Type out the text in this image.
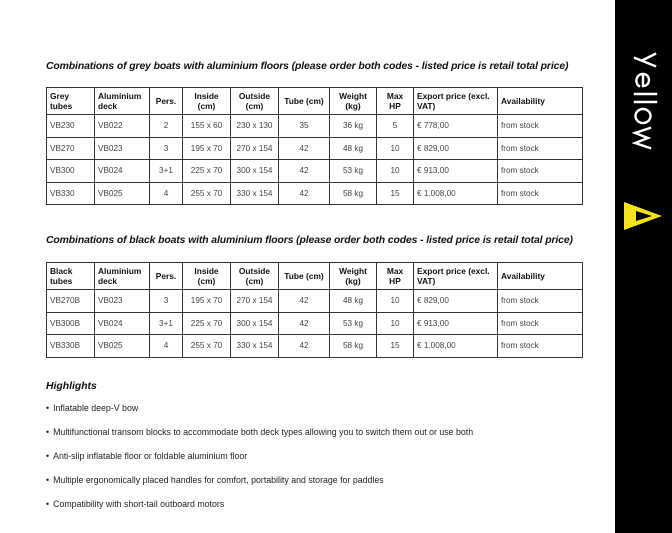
Combinations of grey boats with aluminium floors (please order both codes - listed price is retail total price)
Grey tubes	Aluminium deck	Pers.	Inside (cm)	Outside (cm)	Tube (cm)	Weight (kg)	Max HP	Export price (excl. VAT)	Availability
VB230	VB022	2	155 x 60	230 x 130	35	36 kg	5	€ 778,00	from stock
VB270	VB023	3	195 x 70	270 x 154	42	48 kg	10	€ 829,00	from stock
VB300	VB024	3+1	225 x 70	300 x 154	42	53 kg	10	€ 913,00	from stock
VB330	VB025	4	255 x 70	330 x 154	42	58 kg	15	€ 1.008,00	from stock
Combinations of black boats with aluminium floors (please order both codes - listed price is retail total price)
Black tubes	Aluminium deck	Pers.	Inside (cm)	Outside (cm)	Tube (cm)	Weight (kg)	Max HP	Export price (excl. VAT)	Availability
VB270B	VB023	3	195 x 70	270 x 154	42	48 kg	10	€ 829,00	from stock
VB300B	VB024	3+1	225 x 70	300 x 154	42	53 kg	10	€ 913,00	from stock
VB330B	VB025	4	255 x 70	330 x 154	42	58 kg	15	€ 1.008,00	from stock
Highlights
• Inflatable deep-V bow
• Multifunctional transom blocks to accommodate both deck types allowing you to switch them out or use both
• Anti-slip inflatable floor or foldable aluminium floor
• Multiple ergonomically placed handles for comfort, portability and storage for paddles
• Compatibility with short-tail outboard motors
